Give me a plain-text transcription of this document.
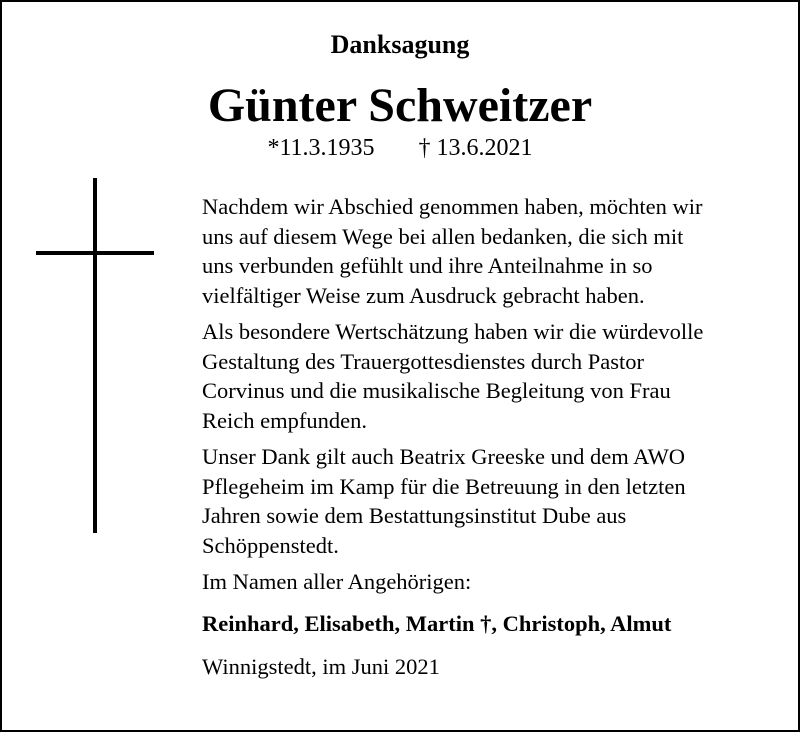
Danksagung
Günter Schweitzer
*11.3.1935 † 13.6.2021

Nachdem wir Abschied genommen haben, möchten wir
uns auf diesem Wege bei allen bedanken, die sich mit
uns verbunden gefühlt und ihre Anteilnahme in so
vielfältiger Weise zum Ausdruck gebracht haben.

Als besondere Wertschätzung haben wir die würdevolle
Gestaltung des Trauergottesdienstes durch Pastor
Corvinus und die musikalische Begleitung von Frau
Reich empfunden.

Unser Dank gilt auch Beatrix Greeske und dem AWO
Pflegeheim im Kamp für die Betreuung in den letzten
Jahren sowie dem Bestattungsinstitut Dube aus
Schöppenstedt.

Im Namen aller Angehörigen:

Reinhard, Elisabeth, Martin †, Christoph, Almut

Winnigstedt, im Juni 2021
